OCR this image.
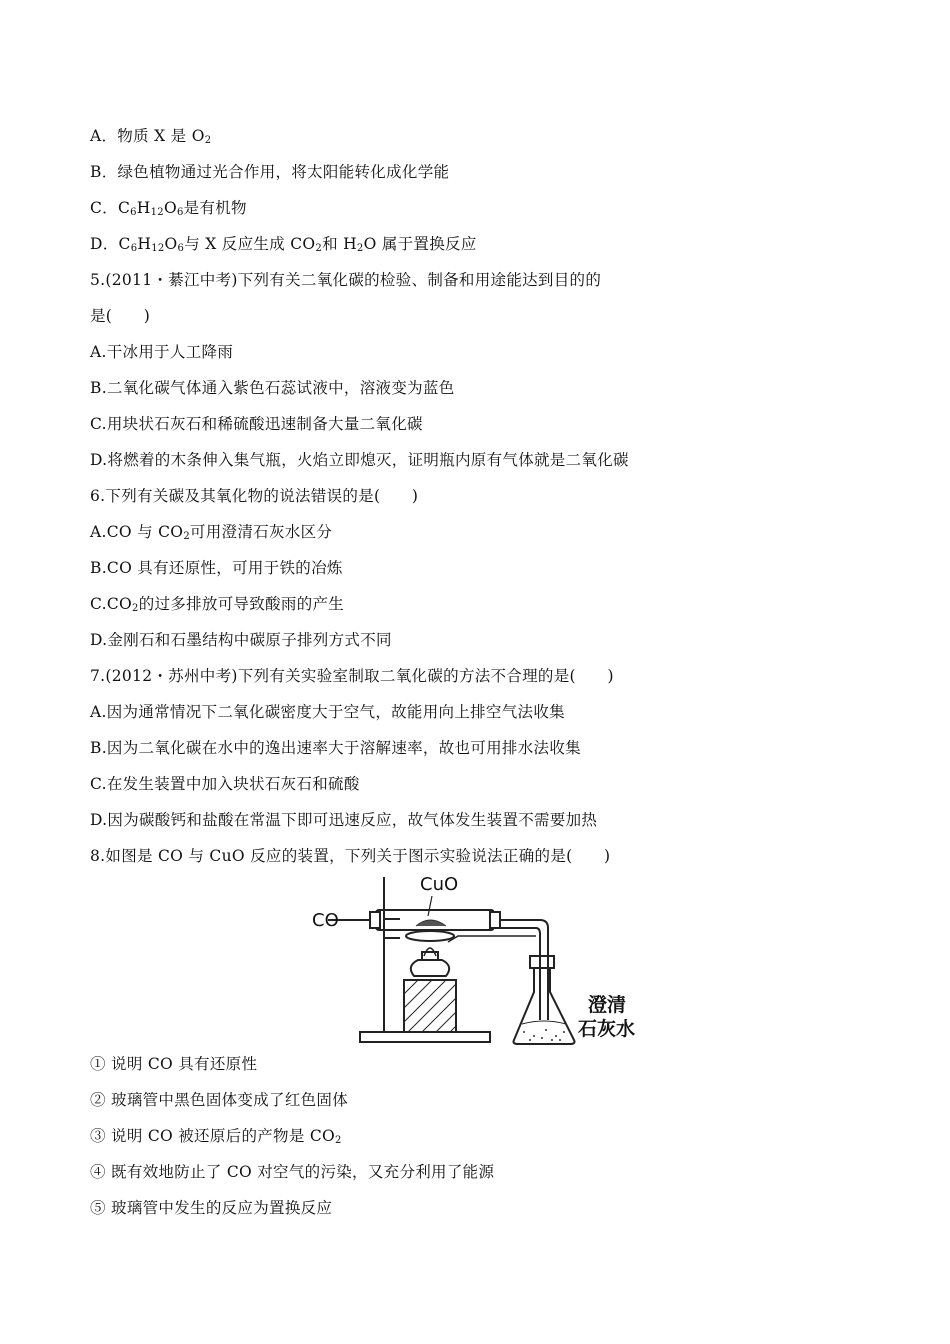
A．物质 X 是 $O_2$
B．绿色植物通过光合作用，将太阳能转化成化学能
C．$C_6H_{12}O_6$是有机物
D．$C_6H_{12}O_6$与 X 反应生成 $CO_2$和 $H_2O$ 属于置换反应
5.(2011・綦江中考)下列有关二氧化碳的检验、制备和用途能达到目的的
是(　　)
A.干冰用于人工降雨
B.二氧化碳气体通入紫色石蕊试液中，溶液变为蓝色
C.用块状石灰石和稀硫酸迅速制备大量二氧化碳
D.将燃着的木条伸入集气瓶，火焰立即熄灭，证明瓶内原有气体就是二氧化碳
6.下列有关碳及其氧化物的说法错误的是(　　)
A.CO 与 $CO_2$可用澄清石灰水区分
B.CO 具有还原性，可用于铁的冶炼
$C.CO_2$的过多排放可导致酸雨的产生
D.金刚石和石墨结构中碳原子排列方式不同
7.(2012・苏州中考)下列有关实验室制取二氧化碳的方法不合理的是(　　)
A.因为通常情况下二氧化碳密度大于空气，故能用向上排空气法收集
B.因为二氧化碳在水中的逸出速率大于溶解速率，故也可用排水法收集
C.在发生装置中加入块状石灰石和硫酸
D.因为碳酸钙和盐酸在常温下即可迅速反应，故气体发生装置不需要加热
8.如图是 CO 与 CuO 反应的装置，下列关于图示实验说法正确的是(　　)
CO
CuO
澄清
石灰水
① 说明 CO 具有还原性
② 玻璃管中黑色固体变成了红色固体
③ 说明 CO 被还原后的产物是 $CO_2$
④ 既有效地防止了 CO 对空气的污染，又充分利用了能源
⑤ 玻璃管中发生的反应为置换反应
